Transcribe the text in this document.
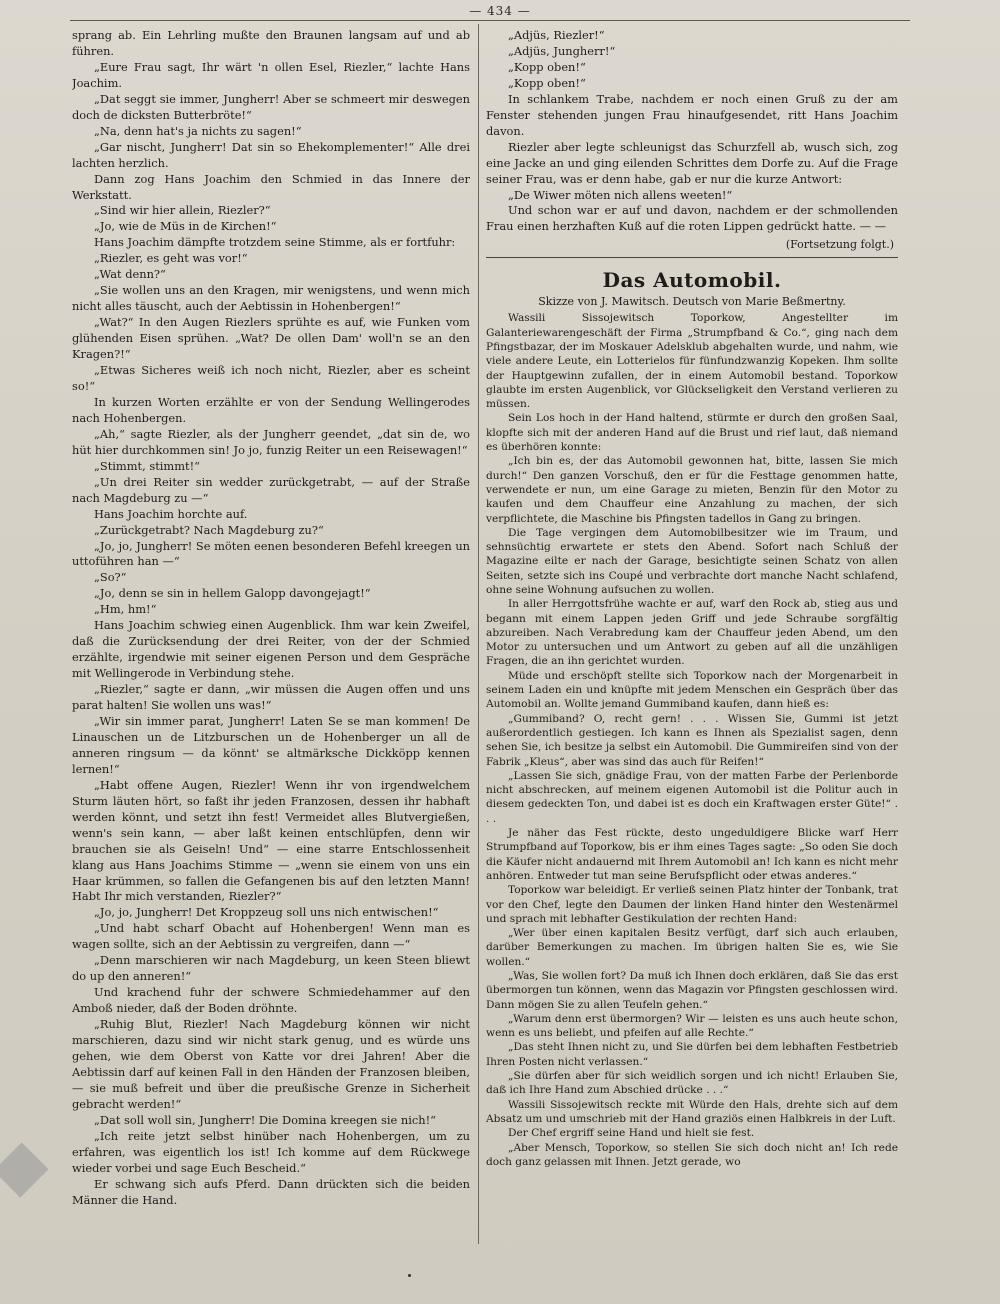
— 434 —

sprang ab. Ein Lehrling mußte den Braunen langsam auf und ab führen.

„Eure Frau sagt, Ihr wärt 'n ollen Esel, Riezler,“ lachte Hans Joachim.

„Dat seggt sie immer, Jungherr! Aber se schmeert mir deswegen doch de dicksten Butterbröte!“

„Na, denn hat's ja nichts zu sagen!“

„Gar nischt, Jungherr! Dat sin so Ehekomplementer!“ Alle drei lachten herzlich.

Dann zog Hans Joachim den Schmied in das Innere der Werkstatt.

„Sind wir hier allein, Riezler?“

„Jo, wie de Müs in de Kirchen!“

Hans Joachim dämpfte trotzdem seine Stimme, als er fortfuhr:

„Riezler, es geht was vor!“

„Wat denn?“

„Sie wollen uns an den Kragen, mir wenigstens, und wenn mich nicht alles täuscht, auch der Aebtissin in Hohenbergen!“

„Wat?“ In den Augen Riezlers sprühte es auf, wie Funken vom glühenden Eisen sprühen. „Wat? De ollen Dam' woll'n se an den Kragen?!“

„Etwas Sicheres weiß ich noch nicht, Riezler, aber es scheint so!“

In kurzen Worten erzählte er von der Sendung Wellingerodes nach Hohenbergen.

„Ah,“ sagte Riezler, als der Jungherr geendet, „dat sin de, wo hüt hier durchkommen sin! Jo jo, funzig Reiter un een Reisewagen!“

„Stimmt, stimmt!“

„Un drei Reiter sin wedder zurückgetrabt, — auf der Straße nach Magdeburg zu —“

Hans Joachim horchte auf.

„Zurückgetrabt? Nach Magdeburg zu?“

„Jo, jo, Jungherr! Se möten eenen besonderen Befehl kreegen un uttoführen han —“

„So?“

„Jo, denn se sin in hellem Galopp davongejagt!“

„Hm, hm!“

Hans Joachim schwieg einen Augenblick. Ihm war kein Zweifel, daß die Zurücksendung der drei Reiter, von der der Schmied erzählte, irgendwie mit seiner eigenen Person und dem Gespräche mit Wellingerode in Verbindung stehe.

„Riezler,“ sagte er dann, „wir müssen die Augen offen und uns parat halten! Sie wollen uns was!“

„Wir sin immer parat, Jungherr! Laten Se se man kommen! De Linauschen un de Litzburschen un de Hohenberger un all de anneren ringsum — da könnt' se altmärksche Dickköpp kennen lernen!“

„Habt offene Augen, Riezler! Wenn ihr von irgendwelchem Sturm läuten hört, so faßt ihr jeden Franzosen, dessen ihr habhaft werden könnt, und setzt ihn fest! Vermeidet alles Blutvergießen, wenn's sein kann, — aber laßt keinen entschlüpfen, denn wir brauchen sie als Geiseln! Und“ — eine starre Entschlossenheit klang aus Hans Joachims Stimme — „wenn sie einem von uns ein Haar krümmen, so fallen die Gefangenen bis auf den letzten Mann! Habt Ihr mich verstanden, Riezler?“

„Jo, jo, Jungherr! Det Kroppzeug soll uns nich entwischen!“

„Und habt scharf Obacht auf Hohenbergen! Wenn man es wagen sollte, sich an der Aebtissin zu vergreifen, dann —“

„Denn marschieren wir nach Magdeburg, un keen Steen bliewt do up den anneren!“

Und krachend fuhr der schwere Schmiedehammer auf den Amboß nieder, daß der Boden dröhnte.

„Ruhig Blut, Riezler! Nach Magdeburg können wir nicht marschieren, dazu sind wir nicht stark genug, und es würde uns gehen, wie dem Oberst von Katte vor drei Jahren! Aber die Aebtissin darf auf keinen Fall in den Händen der Franzosen bleiben, — sie muß befreit und über die preußische Grenze in Sicherheit gebracht werden!“

„Dat soll woll sin, Jungherr! Die Domina kreegen sie nich!“

„Ich reite jetzt selbst hinüber nach Hohenbergen, um zu erfahren, was eigentlich los ist! Ich komme auf dem Rückwege wieder vorbei und sage Euch Bescheid.“

Er schwang sich aufs Pferd. Dann drückten sich die beiden Männer die Hand.

„Adjüs, Riezler!“

„Adjüs, Jungherr!“

„Kopp oben!“

„Kopp oben!“

In schlankem Trabe, nachdem er noch einen Gruß zu der am Fenster stehenden jungen Frau hinaufgesendet, ritt Hans Joachim davon.

Riezler aber legte schleunigst das Schurzfell ab, wusch sich, zog eine Jacke an und ging eilenden Schrittes dem Dorfe zu. Auf die Frage seiner Frau, was er denn habe, gab er nur die kurze Antwort:

„De Wiwer möten nich allens weeten!“

Und schon war er auf und davon, nachdem er der schmollenden Frau einen herzhaften Kuß auf die roten Lippen gedrückt hatte. — —

(Fortsetzung folgt.)
Das Automobil.
Skizze von J. Mawitsch. Deutsch von Marie Beßmertny.

Wassili Sissojewitsch Toporkow, Angestellter im Galanteriewarengeschäft der Firma „Strumpfband & Co.“, ging nach dem Pfingstbazar, der im Moskauer Adelsklub abgehalten wurde, und nahm, wie viele andere Leute, ein Lotterielos für fünfundzwanzig Kopeken. Ihm sollte der Hauptgewinn zufallen, der in einem Automobil bestand. Toporkow glaubte im ersten Augenblick, vor Glückseligkeit den Verstand verlieren zu müssen.

Sein Los hoch in der Hand haltend, stürmte er durch den großen Saal, klopfte sich mit der anderen Hand auf die Brust und rief laut, daß niemand es überhören konnte:

„Ich bin es, der das Automobil gewonnen hat, bitte, lassen Sie mich durch!“ Den ganzen Vorschuß, den er für die Festtage genommen hatte, verwendete er nun, um eine Garage zu mieten, Benzin für den Motor zu kaufen und dem Chauffeur eine Anzahlung zu machen, der sich verpflichtete, die Maschine bis Pfingsten tadellos in Gang zu bringen.

Die Tage vergingen dem Automobilbesitzer wie im Traum, und sehnsüchtig erwartete er stets den Abend. Sofort nach Schluß der Magazine eilte er nach der Garage, besichtigte seinen Schatz von allen Seiten, setzte sich ins Coupé und verbrachte dort manche Nacht schlafend, ohne seine Wohnung aufsuchen zu wollen.

In aller Herrgottsfrühe wachte er auf, warf den Rock ab, stieg aus und begann mit einem Lappen jeden Griff und jede Schraube sorgfältig abzureiben. Nach Verabredung kam der Chauffeur jeden Abend, um den Motor zu untersuchen und um Antwort zu geben auf all die unzähligen Fragen, die an ihn gerichtet wurden.

Müde und erschöpft stellte sich Toporkow nach der Morgenarbeit in seinem Laden ein und knüpfte mit jedem Menschen ein Gespräch über das Automobil an. Wollte jemand Gummiband kaufen, dann hieß es:

„Gummiband? O, recht gern! . . . Wissen Sie, Gummi ist jetzt außerordentlich gestiegen. Ich kann es Ihnen als Spezialist sagen, denn sehen Sie, ich besitze ja selbst ein Automobil. Die Gummireifen sind von der Fabrik „Kleus“, aber was sind das auch für Reifen!“

„Lassen Sie sich, gnädige Frau, von der matten Farbe der Perlenborde nicht abschrecken, auf meinem eigenen Automobil ist die Politur auch in diesem gedeckten Ton, und dabei ist es doch ein Kraftwagen erster Güte!“ . . .

Je näher das Fest rückte, desto ungeduldigere Blicke warf Herr Strumpfband auf Toporkow, bis er ihm eines Tages sagte: „So oden Sie doch die Käufer nicht andauernd mit Ihrem Automobil an! Ich kann es nicht mehr anhören. Entweder tut man seine Berufspflicht oder etwas anderes.“

Toporkow war beleidigt. Er verließ seinen Platz hinter der Tonbank, trat vor den Chef, legte den Daumen der linken Hand hinter den Westenärmel und sprach mit lebhafter Gestikulation der rechten Hand:

„Wer über einen kapitalen Besitz verfügt, darf sich auch erlauben, darüber Bemerkungen zu machen. Im übrigen halten Sie es, wie Sie wollen.“

„Was, Sie wollen fort? Da muß ich Ihnen doch erklären, daß Sie das erst übermorgen tun können, wenn das Magazin vor Pfingsten geschlossen wird. Dann mögen Sie zu allen Teufeln gehen.“

„Warum denn erst übermorgen? Wir — leisten es uns auch heute schon, wenn es uns beliebt, und pfeifen auf alle Rechte.“

„Das steht Ihnen nicht zu, und Sie dürfen bei dem lebhaften Festbetrieb Ihren Posten nicht verlassen.“

„Sie dürfen aber für sich weidlich sorgen und ich nicht! Erlauben Sie, daß ich Ihre Hand zum Abschied drücke . . .“

Wassili Sissojewitsch reckte mit Würde den Hals, drehte sich auf dem Absatz um und umschrieb mit der Hand graziös einen Halbkreis in der Luft.

Der Chef ergriff seine Hand und hielt sie fest.

„Aber Mensch, Toporkow, so stellen Sie sich doch nicht an! Ich rede doch ganz gelassen mit Ihnen. Jetzt gerade, wo
